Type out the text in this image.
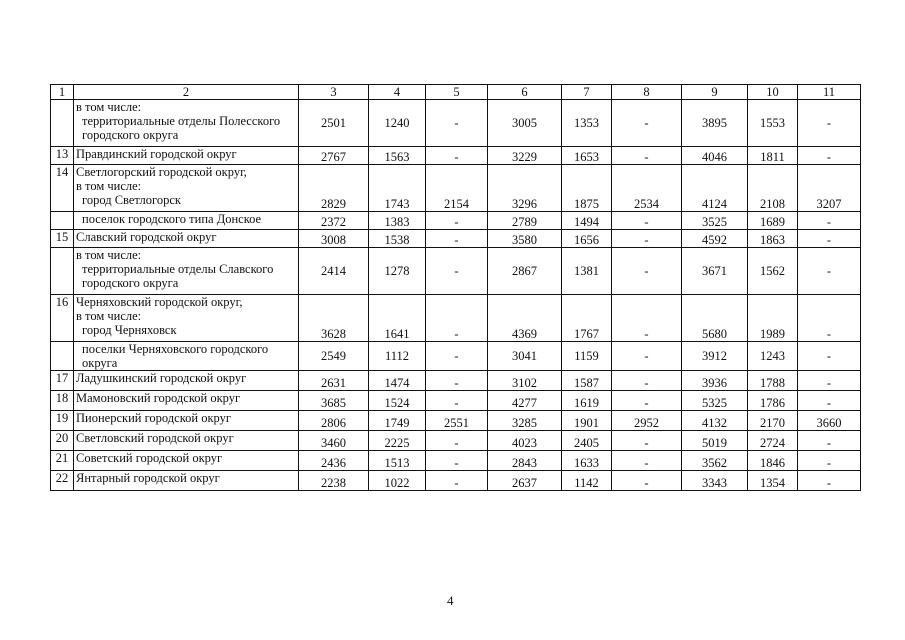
1	2	3	4	5	6	7	8	9	10	11

	в том числе:
территориальные отделы Полесского
городского округа	2501	1240	-	3005	1353	-	3895	1553	-
13	Правдинский городской округ	2767	1563	-	3229	1653	-	4046	1811	-
14	Светлогорский городской округ,
в том числе:
город Светлогорск	2829	1743	2154	3296	1875	2534	4124	2108	3207

	поселок городского типа Донское	2372	1383	-	2789	1494	-	3525	1689	-
15	Славский городской округ	3008	1538	-	3580	1656	-	4592	1863	-

	в том числе:
территориальные отделы Славского
городского округа	2414	1278	-	2867	1381	-	3671	1562	-
16	Черняховский городской округ,
в том числе:
город Черняховск	3628	1641	-	4369	1767	-	5680	1989	-

	поселки Черняховского городского
округа	2549	1112	-	3041	1159	-	3912	1243	-
17	Ладушкинский городской округ	2631	1474	-	3102	1587	-	3936	1788	-
18	Мамоновский городской округ	3685	1524	-	4277	1619	-	5325	1786	-
19	Пионерский городской округ	2806	1749	2551	3285	1901	2952	4132	2170	3660
20	Светловский городской округ	3460	2225	-	4023	2405	-	5019	2724	-
21	Советский городской округ	2436	1513	-	2843	1633	-	3562	1846	-
22	Янтарный городской округ	2238	1022	-	2637	1142	-	3343	1354	-
4
